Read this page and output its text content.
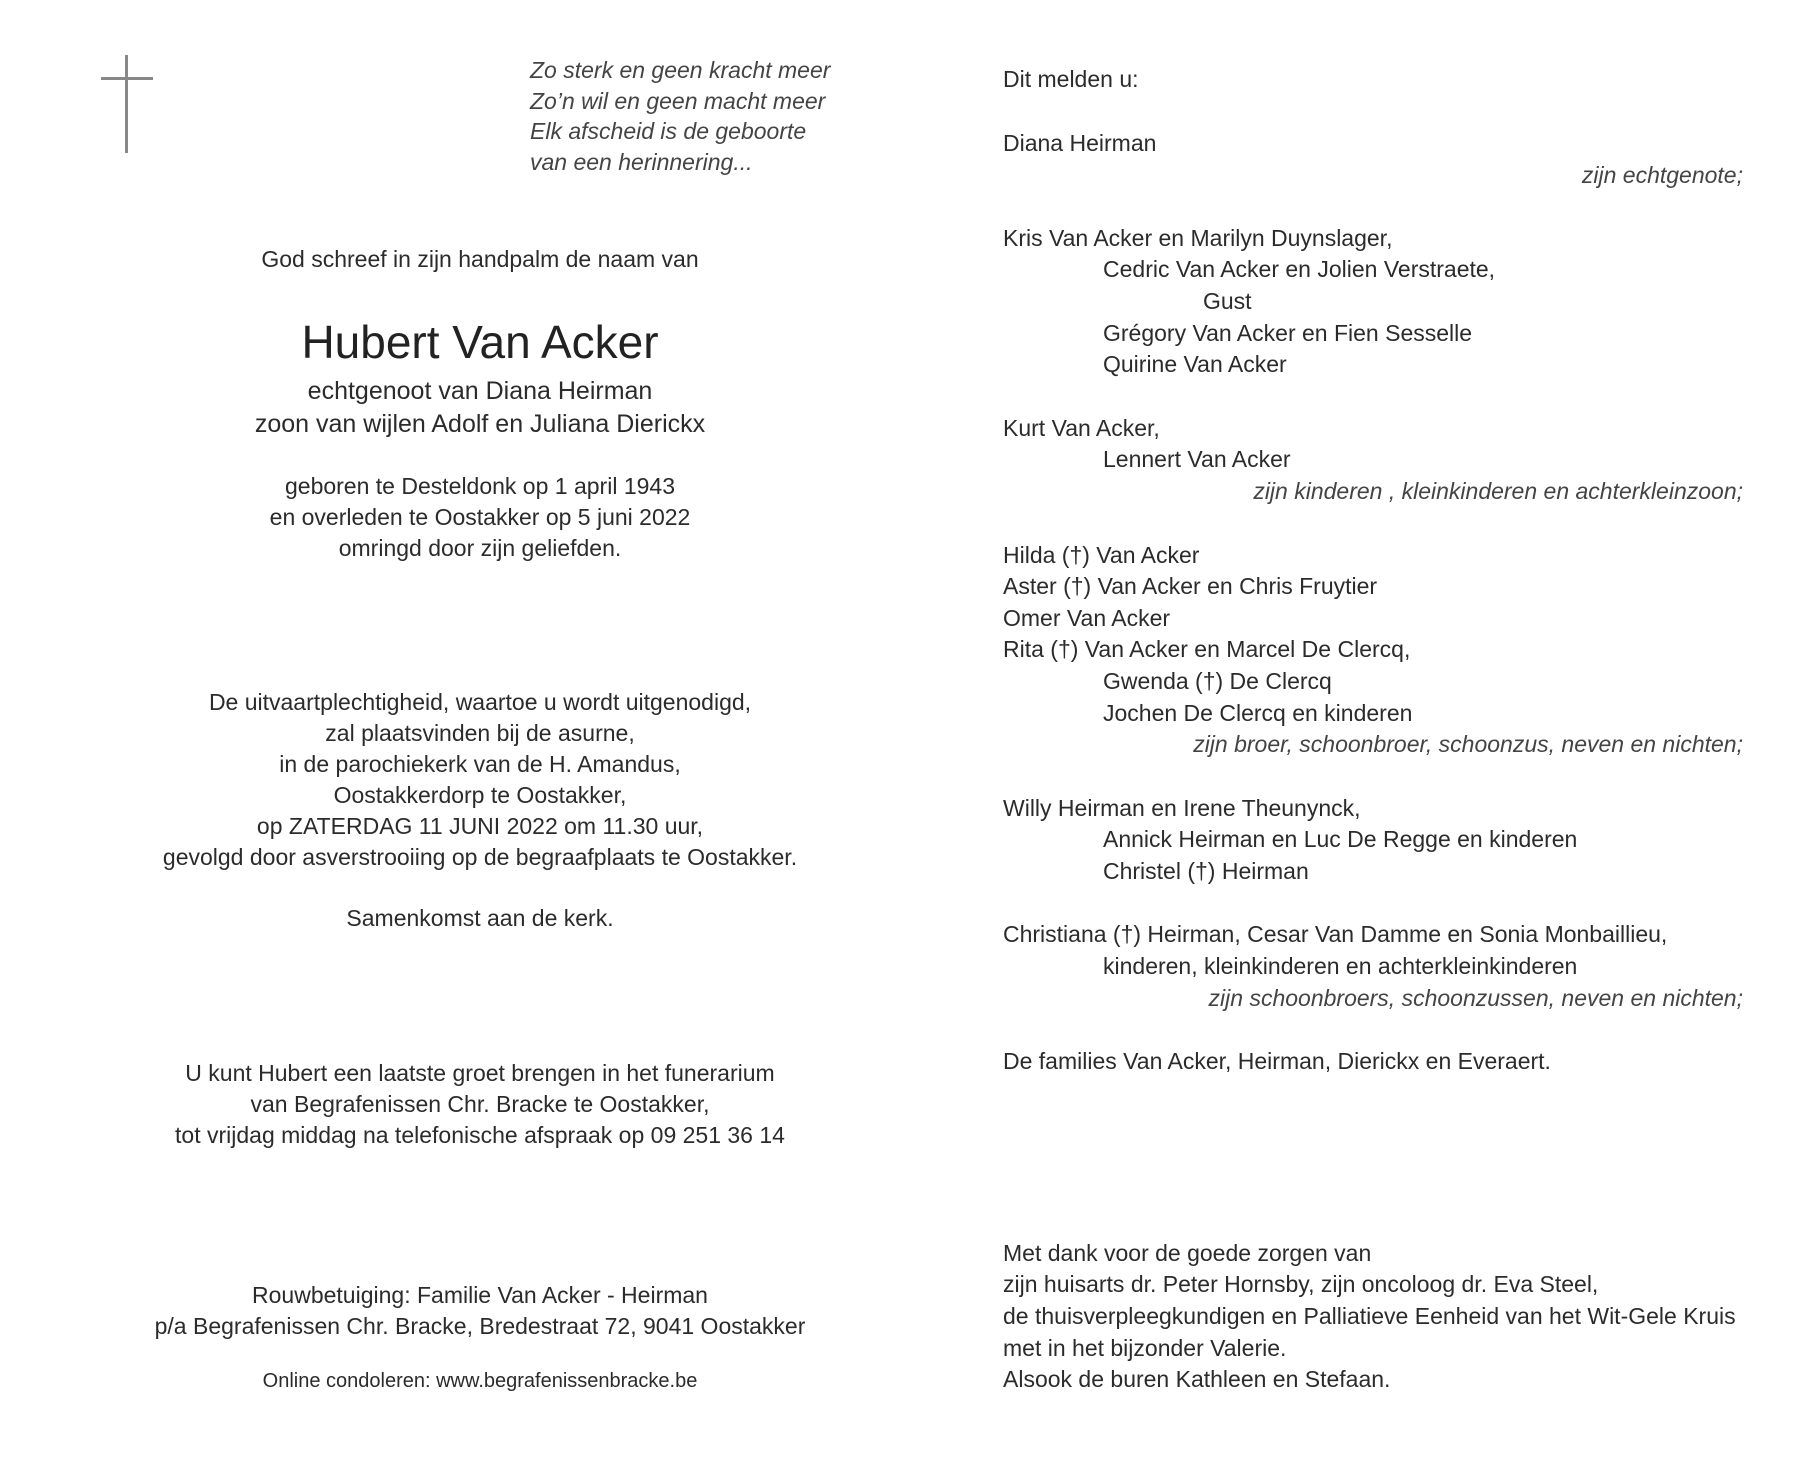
Zo sterk en geen kracht meer
Zo’n wil en geen macht meer
Elk afscheid is de geboorte
van een herinnering...
God schreef in zijn handpalm de naam van
Hubert Van Acker
echtgenoot van Diana Heirman
zoon van wijlen Adolf en Juliana Dierickx
geboren te Desteldonk op 1 april 1943
en overleden te Oostakker op 5 juni 2022
omringd door zijn geliefden.
De uitvaartplechtigheid, waartoe u wordt uitgenodigd,
zal plaatsvinden bij de asurne,
in de parochiekerk van de H. Amandus,
Oostakkerdorp te Oostakker,
op ZATERDAG 11 JUNI 2022 om 11.30 uur,
gevolgd door asverstrooiing op de begraafplaats te Oostakker.
Samenkomst aan de kerk.
U kunt Hubert een laatste groet brengen in het funerarium
van Begrafenissen Chr. Bracke te Oostakker,
tot vrijdag middag na telefonische afspraak op 09 251 36 14
Rouwbetuiging: Familie Van Acker - Heirman
p/a Begrafenissen Chr. Bracke, Bredestraat 72, 9041 Oostakker
Online condoleren: www.begrafenissenbracke.be
Dit melden u:
Diana Heirman
zijn echtgenote;
Kris Van Acker en Marilyn Duynslager,
Cedric Van Acker en Jolien Verstraete,
Gust
Grégory Van Acker en Fien Sesselle
Quirine Van Acker
Kurt Van Acker,
Lennert Van Acker
zijn kinderen , kleinkinderen en achterkleinzoon;
Hilda (†) Van Acker
Aster (†) Van Acker en Chris Fruytier
Omer Van Acker
Rita (†) Van Acker en Marcel De Clercq,
Gwenda (†) De Clercq
Jochen De Clercq en kinderen
zijn broer, schoonbroer, schoonzus, neven en nichten;
Willy Heirman en Irene Theunynck,
Annick Heirman en Luc De Regge en kinderen
Christel (†) Heirman
Christiana (†) Heirman, Cesar Van Damme en Sonia Monbaillieu,
kinderen, kleinkinderen en achterkleinkinderen
zijn schoonbroers, schoonzussen, neven en nichten;
De families Van Acker, Heirman, Dierickx en Everaert.
Met dank voor de goede zorgen van
zijn huisarts dr. Peter Hornsby, zijn oncoloog dr. Eva Steel,
de thuisverpleegkundigen en Palliatieve Eenheid van het Wit-Gele Kruis
met in het bijzonder Valerie.
Alsook de buren Kathleen en Stefaan.
